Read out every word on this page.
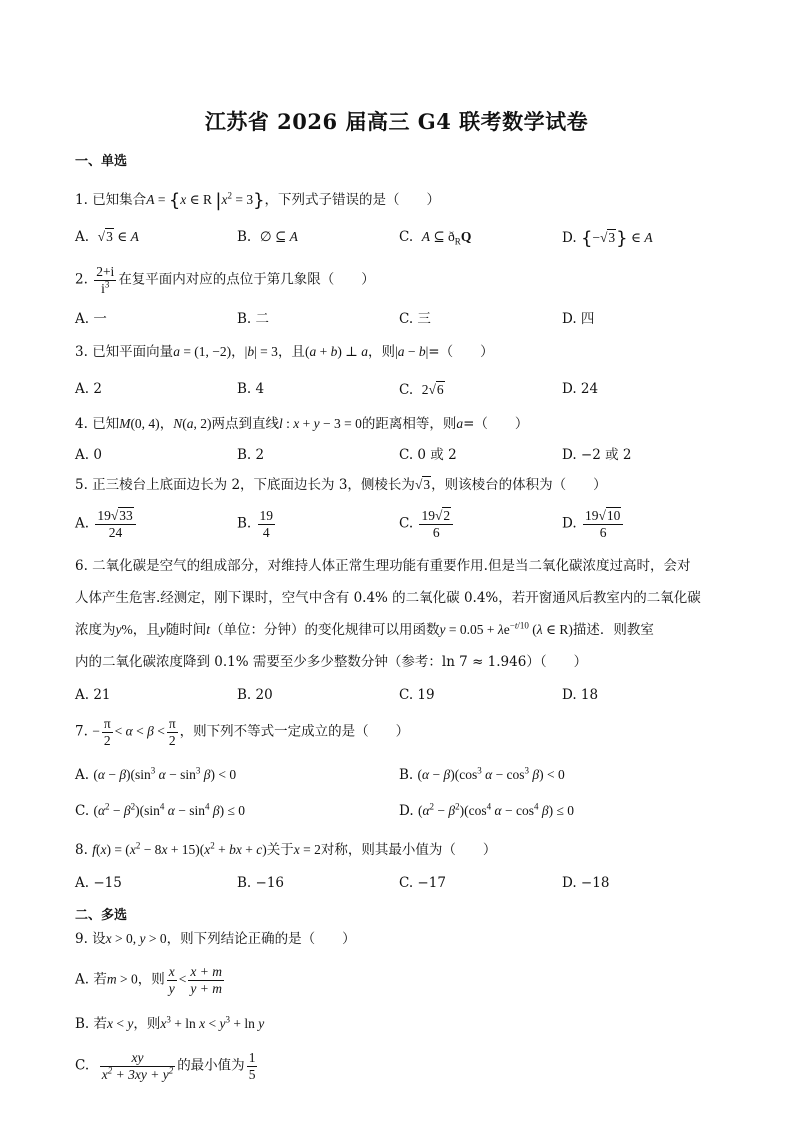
江苏省 2026 届高三 G4 联考数学试卷
一、单选
1. 已知集合A = {x ∈ R $|x^2 = 3$}，下列式子错误的是（　　）
A. √3 ∈ A	B. ∅ ⊆ A	C. A ⊆ $ð_RQ$	D. {−√3} ∈ A
2. $\frac{2+i}{i^3}$ 在复平面内对应的点位于第几象限（　　）
A. 一	B. 二	C. 三	D. 四
3. 已知平面向量a = (1, −2)，|b| = 3，且(a + b) ⊥ a，则|a − b|=（　　）
A. 2	B. 4	C. 2√6	D. 24
4. 已知M(0, 4)，N(a, 2)两点到直线l : x + y − 3 = 0的距离相等，则a=（　　）
A. 0	B. 2	C. 0 或 2	D. −2 或 2
5. 正三棱台上底面边长为 2，下底面边长为 3，侧棱长为√3，则该棱台的体积为（　　）
A. $\frac{19√33}{24}$	B. $\frac{19}{4}$	C. $\frac{19√2}{6}$	D. $\frac{19√10}{6}$
6. 二氧化碳是空气的组成部分，对维持人体正常生理功能有重要作用.但是当二氧化碳浓度过高时，会对
人体产生危害.经测定，刚下课时，空气中含有 0.4% 的二氧化碳 0.4%，若开窗通风后教室内的二氧化碳
浓度为y%，且y随时间t（单位：分钟）的变化规律可以用函数$y = 0.05 + \lambda e^{-t/10}$ (λ ∈ R)描述．则教室
内的二氧化碳浓度降到 0.1% 需要至少多少整数分钟（参考：ln 7 ≈ 1.946）（　　）
A. 21	B. 20	C. 19	D. 18
7. − $\frac{\pi}{2} < \alpha < \beta < \frac{\pi}{2}$ ，则下列不等式一定成立的是（　　）
A. $(\alpha - \beta)(\sin^3$ $\alpha - \sin^3 \beta) < 0$	B. $(\alpha - \beta)(\cos^3$ $\alpha - \cos^3 \beta) < 0$
C. $(\alpha^2 - \beta^2)(\sin^4$ $\alpha - \sin^4 \beta) \le 0$	D. $(\alpha^2 - \beta^2)(\cos^4$ $\alpha - \cos^4 \beta) \le 0$
8. $f(x) = (x^2 - 8x + 15)(x^2$ + bx + c)关于x = 2对称，则其最小值为（　　）
A. −15	B. −16	C. −17	D. −18
二、多选
9. 设x > 0, y > 0，则下列结论正确的是（　　）
A. 若m > 0，则 $\frac{x}{y} < \frac{x + m}{y + m}$
B. 若x < y，则$x^3 + \ln x < y^3 + \ln y$
C. $\frac{xy}{x^2 + 3xy + y^2}$ 的最小值为 $\frac{1}{5}$
